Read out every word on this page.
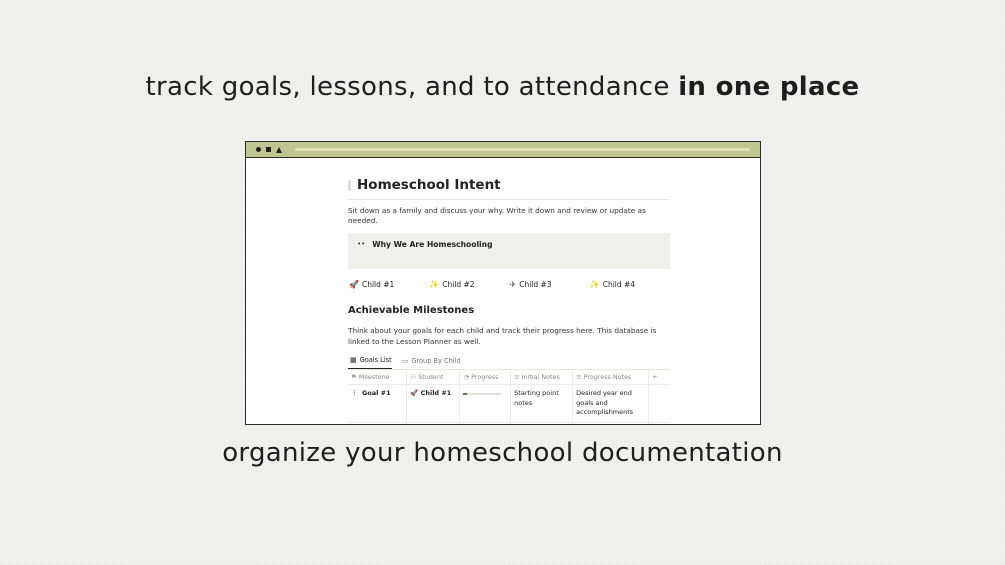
track goals, lessons, and to attendance in one place
Homeschool Intent
Sit down as a family and discuss your why. Write it down and review or update as needed.
•• Why We Are Homeschooling
🚀 Child #1	✨ Child #2	✈ Child #3	✨ Child #4
Achievable Milestones
Think about your goals for each child and track their progress here. This database is linked to the Lesson Planner as well.
▦ Goals List ▭ Group By Child
⚑ Milestone	⚇ Student	◔ Progress	≡ Initial Notes	≡ Progress Notes	+
⋮ Goal #1	🚀 Child #1		Starting point notes	Desired year end goals and accomplishments	

organize your homeschool documentation
